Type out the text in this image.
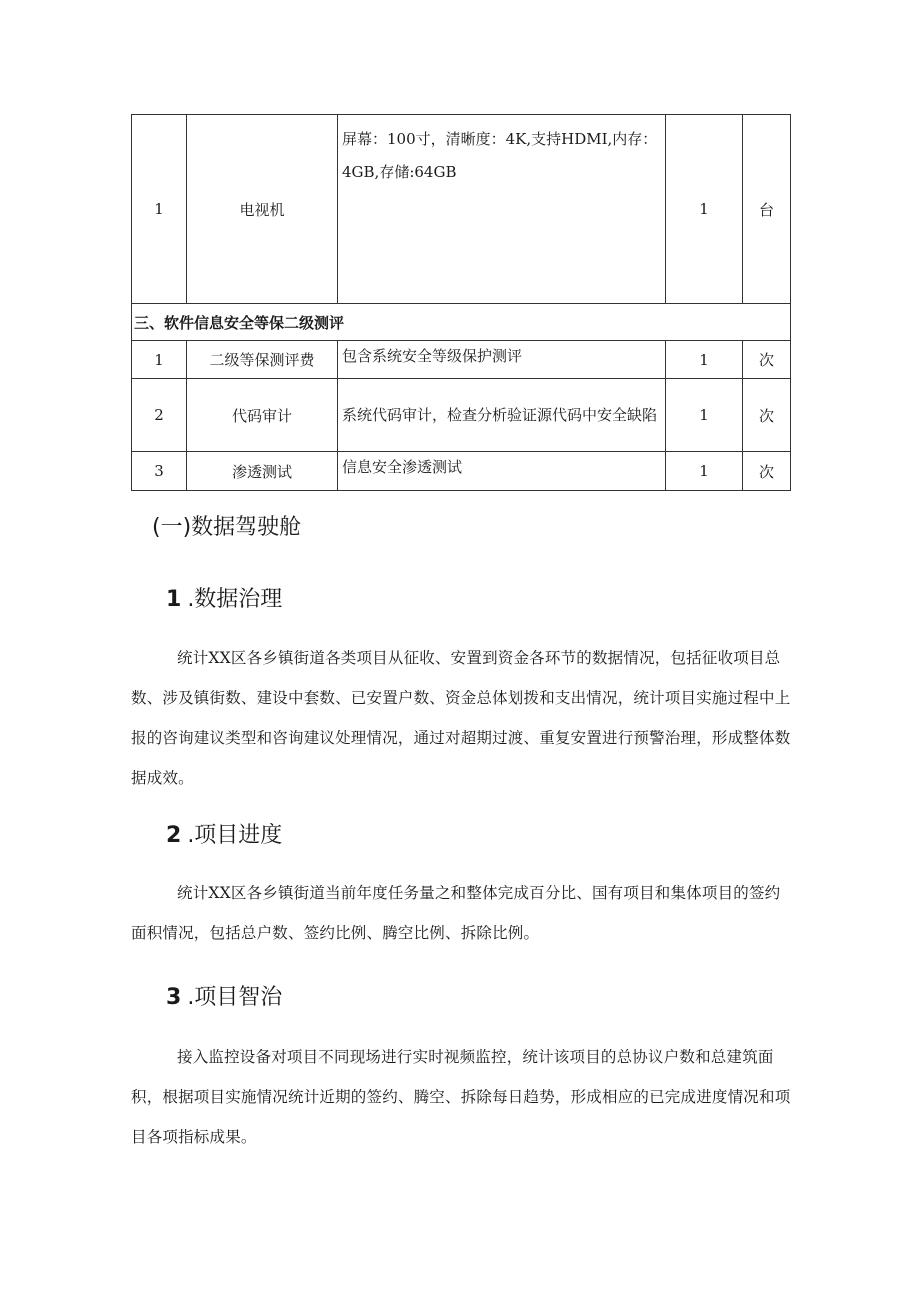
1	电视机	屏幕：100寸，清晰度：4K,支持HDMI,内存：4GB,存储:64GB	1	台
三、软件信息安全等保二级测评				
1	二级等保测评费	包含系统安全等级保护测评	1	次
2	代码审计	系统代码审计，检查分析验证源代码中安全缺陷	1	次
3	渗透测试	信息安全渗透测试	1	次
(一)数据驾驶舱
1 .数据治理

统计XX区各乡镇街道各类项目从征收、安置到资金各环节的数据情况，包括征收项目总数、涉及镇街数、建设中套数、已安置户数、资金总体划拨和支出情况，统计项目实施过程中上报的咨询建议类型和咨询建议处理情况，通过对超期过渡、重复安置进行预警治理，形成整体数据成效。

2 .项目进度

统计XX区各乡镇街道当前年度任务量之和整体完成百分比、国有项目和集体项目的签约面积情况，包括总户数、签约比例、腾空比例、拆除比例。

3 .项目智治

接入监控设备对项目不同现场进行实时视频监控，统计该项目的总协议户数和总建筑面积，根据项目实施情况统计近期的签约、腾空、拆除每日趋势，形成相应的已完成进度情况和项目各项指标成果。
